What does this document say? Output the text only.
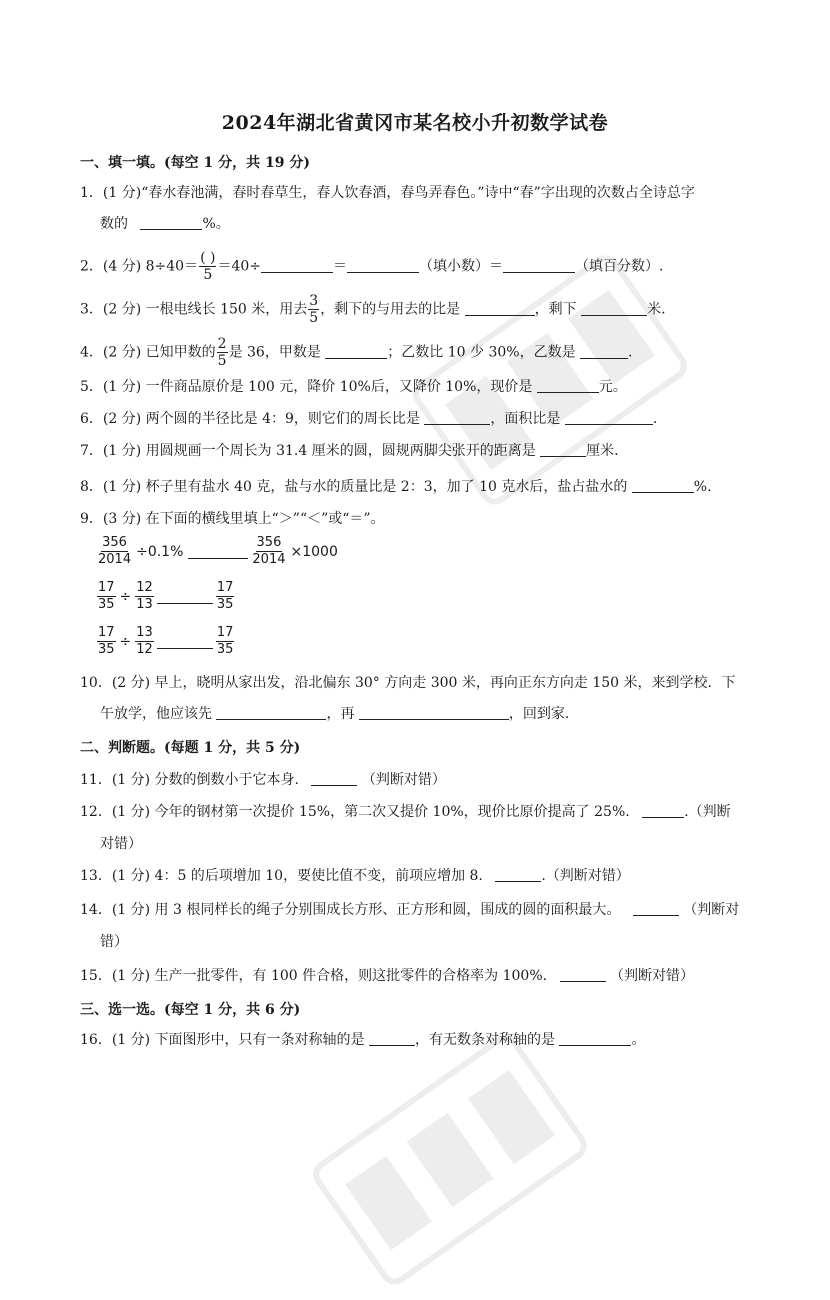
2024年湖北省黄冈市某名校小升初数学试卷
一、填一填。(每空 1 分，共 19 分)
1．(1 分)“春水春池满，春时春草生，春人饮春酒，春鸟弄春色。”诗中“春”字出现的次数占全诗总字
数的	%。
2．(4 分) $8\div 40= \frac{( )}{5} =40\div$	＝	（填小数）＝	（填百分数）.
3．(2 分) 一根电线长 150 米，用去 $\frac{3}{5}$ ，剩下的与用去的比是	，剩下	米.
4．(2 分) 已知甲数的 $\frac{2}{5}$ 是 36，甲数是	；乙数比 10 少 30%，乙数是	.
5．(1 分) 一件商品原价是 100 元，降价 10%后，又降价 10%，现价是	元。
6．(2 分) 两个圆的半径比是 4：9，则它们的周长比是	，面积比是	.
7．(1 分) 用圆规画一个周长为 31.4 厘米的圆，圆规两脚尖张开的距离是	厘米.
8．(1 分) 杯子里有盐水 40 克，盐与水的质量比是 2：3，加了 10 克水后，盐占盐水的	%.
9．(3 分) 在下面的横线里填上“＞”“＜”或“＝”。
$\frac{356}{2014} \div 0.1\%$	$\frac{356}{2014} \times 1000$
$\frac{17}{35} \div \frac{12}{13}$	$\frac{17}{35}$
$\frac{17}{35} \div \frac{13}{12}$	$\frac{17}{35}$
10．(2 分) 早上，晓明从家出发，沿北偏东 30° 方向走 300 米，再向正东方向走 150 米，来到学校．下
午放学，他应该先	，再	，回到家.
二、判断题。(每题 1 分，共 5 分)
11．(1 分) 分数的倒数小于它本身.	（判断对错）
12．(1 分) 今年的钢材第一次提价 15%，第二次又提价 10%，现价比原价提高了 25%.	.（判断
对错）
13．(1 分) 4：5 的后项增加 10，要使比值不变，前项应增加 8.	.（判断对错）
14．(1 分) 用 3 根同样长的绳子分别围成长方形、正方形和圆，围成的圆的面积最大。	（判断对
错）
15．(1 分) 生产一批零件，有 100 件合格，则这批零件的合格率为 100%.	（判断对错）
三、选一选。(每空 1 分，共 6 分)
16．(1 分) 下面图形中，只有一条对称轴的是	，有无数条对称轴的是	。
